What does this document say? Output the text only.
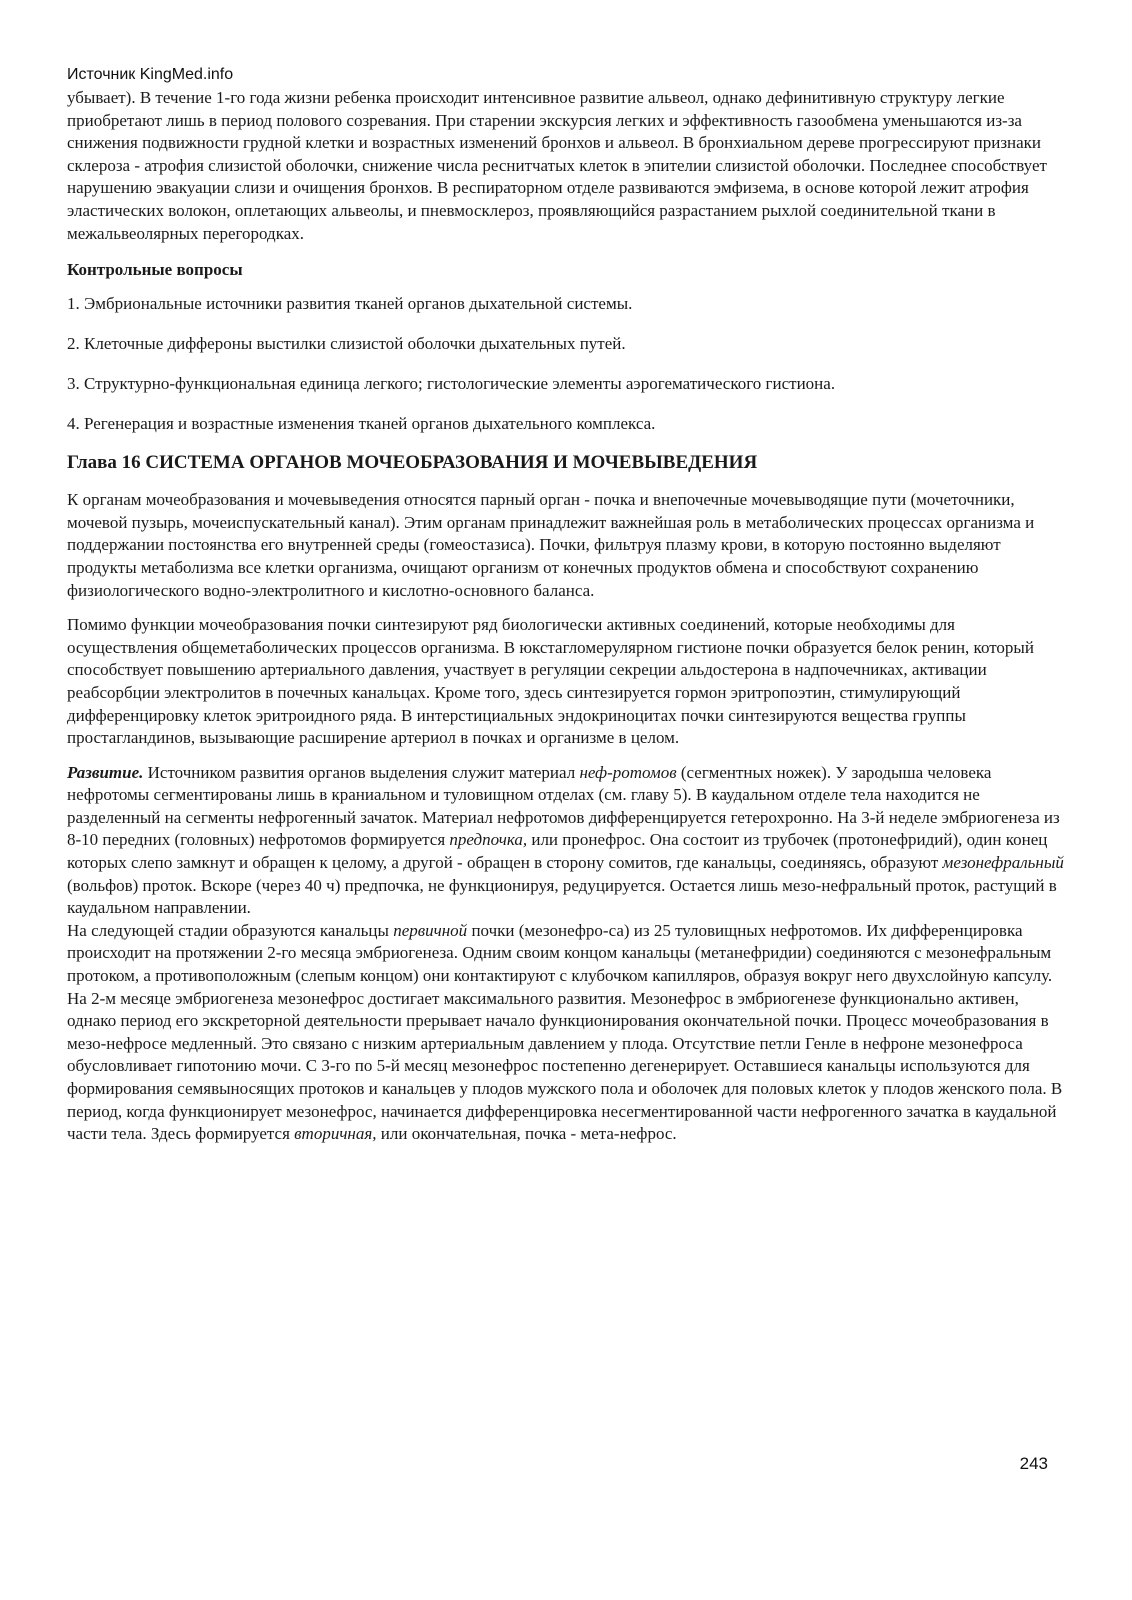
Источник KingMed.info

убывает). В течение 1-го года жизни ребенка происходит интенсивное развитие альвеол, однако дефинитивную структуру легкие приобретают лишь в период полового созревания. При старении экскурсия легких и эффективность газообмена уменьшаются из-за снижения подвижности грудной клетки и возрастных изменений бронхов и альвеол. В бронхиальном дереве прогрессируют признаки склероза - атрофия слизистой оболочки, снижение числа реснитчатых клеток в эпителии слизистой оболочки. Последнее способствует нарушению эвакуации слизи и очищения бронхов. В респираторном отделе развиваются эмфизема, в основе которой лежит атрофия эластических волокон, оплетающих альвеолы, и пневмосклероз, проявляющийся разрастанием рыхлой соединительной ткани в межальвеолярных перегородках.

Контрольные вопросы
1. Эмбриональные источники развития тканей органов дыхательной системы.
2. Клеточные диффероны выстилки слизистой оболочки дыхательных путей.
3. Структурно-функциональная единица легкого; гистологические элементы аэрогематического гистиона.
4. Регенерация и возрастные изменения тканей органов дыхательного комплекса.
Глава 16 СИСТЕМА ОРГАНОВ МОЧЕОБРАЗОВАНИЯ И МОЧЕВЫВЕДЕНИЯ

К органам мочеобразования и мочевыведения относятся парный орган - почка и внепочечные мочевыводящие пути (мочеточники, мочевой пузырь, мочеиспускательный канал). Этим органам принадлежит важнейшая роль в метаболических процессах организма и поддержании постоянства его внутренней среды (гомеостазиса). Почки, фильтруя плазму крови, в которую постоянно выделяют продукты метаболизма все клетки организма, очищают организм от конечных продуктов обмена и способствуют сохранению физиологического водно-электролитного и кислотно-основного баланса.

Помимо функции мочеобразования почки синтезируют ряд биологически активных соединений, которые необходимы для осуществления общеметаболических процессов организма. В юкстагломерулярном гистионе почки образуется белок ренин, который способствует повышению артериального давления, участвует в регуляции секреции альдостерона в надпочечниках, активации реабсорбции электролитов в почечных канальцах. Кроме того, здесь синтезируется гормон эритропоэтин, стимулирующий дифференцировку клеток эритроидного ряда. В интерстициальных эндокриноцитах почки синтезируются вещества группы простагландинов, вызывающие расширение артериол в почках и организме в целом.

Развитие. Источником развития органов выделения служит материал неф-ротомов (сегментных ножек). У зародыша человека нефротомы сегментированы лишь в краниальном и туловищном отделах (см. главу 5). В каудальном отделе тела находится не разделенный на сегменты нефрогенный зачаток. Материал нефротомов дифференцируется гетерохронно. На 3-й неделе эмбриогенеза из 8-10 передних (головных) нефротомов формируется предпочка, или пронефрос. Она состоит из трубочек (протонефридий), один конец которых слепо замкнут и обращен к целому, а другой - обращен в сторону сомитов, где канальцы, соединяясь, образуют мезонефральный (вольфов) проток. Вскоре (через 40 ч) предпочка, не функционируя, редуцируется. Остается лишь мезо-нефральный проток, растущий в каудальном направлении.

На следующей стадии образуются канальцы первичной почки (мезонефро-са) из 25 туловищных нефротомов. Их дифференцировка происходит на протяжении 2-го месяца эмбриогенеза. Одним своим концом канальцы (метанефридии) соединяются с мезонефральным протоком, а противоположным (слепым концом) они контактируют с клубочком капилляров, образуя вокруг него двухслойную капсулу. На 2-м месяце эмбриогенеза мезонефрос достигает максимального развития. Мезонефрос в эмбриогенезе функционально активен, однако период его экскреторной деятельности прерывает начало функционирования окончательной почки. Процесс мочеобразования в мезо-нефросе медленный. Это связано с низким артериальным давлением у плода. Отсутствие петли Генле в нефроне мезонефроса обусловливает гипотонию мочи. С 3-го по 5-й месяц мезонефрос постепенно дегенерирует. Оставшиеся канальцы используются для формирования семявыносящих протоков и канальцев у плодов мужского пола и оболочек для половых клеток у плодов женского пола. В период, когда функционирует мезонефрос, начинается дифференцировка несегментированной части нефрогенного зачатка в каудальной части тела. Здесь формируется вторичная, или окончательная, почка - мета-нефрос.

243
